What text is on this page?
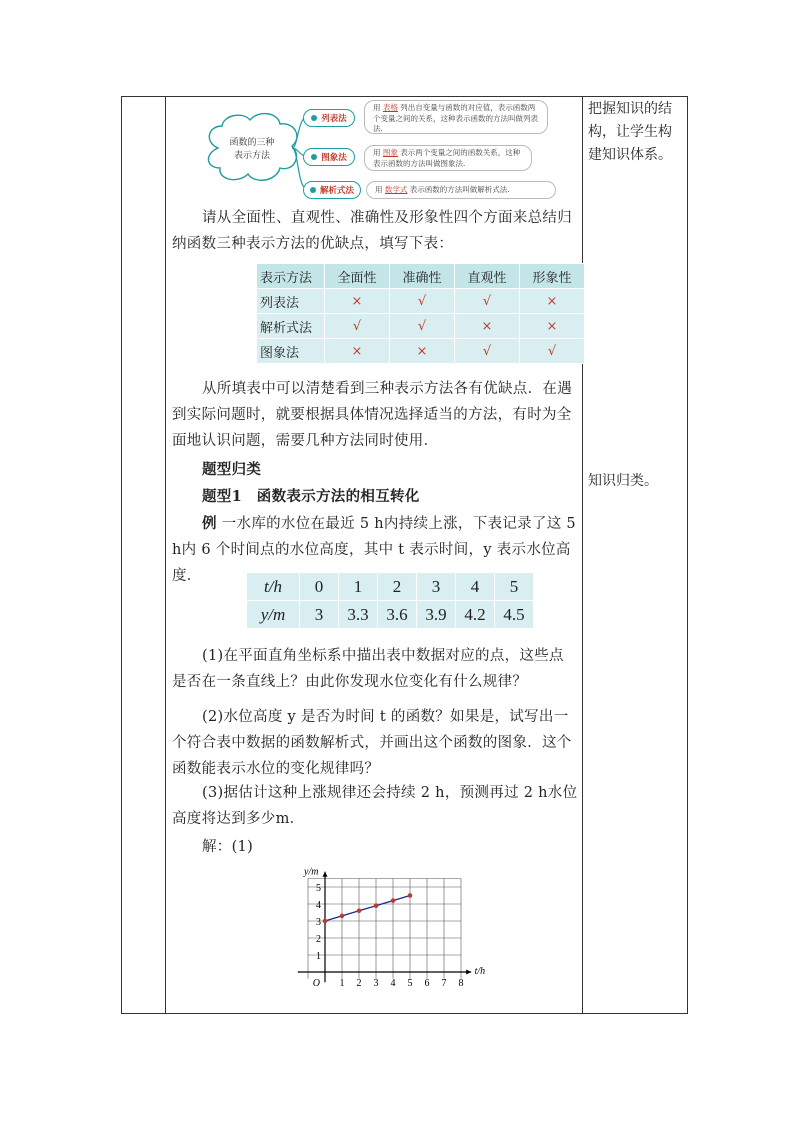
把握知识的结构，让学生构建知识体系。
知识归类。
函数的三种
表示方法
列表法
用 表格 列出自变量与函数的对应值，表示函数两个变量之间的关系，这种表示函数的方法叫做列表法.
图象法
用 图象 表示两个变量之间的函数关系，这种表示函数的方法叫做图象法.
解析式法	用 数学式 表示函数的方法叫做解析式法.
请从全面性、直观性、准确性及形象性四个方面来总结归纳函数三种表示方法的优缺点，填写下表：
表示方法	全面性	准确性	直观性	形象性
列表法	×	√	√	×
解析式法	√	√	×	×
图象法	×	×	√	√
从所填表中可以清楚看到三种表示方法各有优缺点．在遇到实际问题时，就要根据具体情况选择适当的方法，有时为全面地认识问题，需要几种方法同时使用．
题型归类
题型1　函数表示方法的相互转化
例 一水库的水位在最近 5 h内持续上涨，下表记录了这 5 h内 6 个时间点的水位高度，其中 t 表示时间，y 表示水位高度．
t/h	0	1	2	3	4	5
y/m	3	3.3	3.6	3.9	4.2	4.5
(1)在平面直角坐标系中描出表中数据对应的点，这些点是否在一条直线上？由此你发现水位变化有什么规律？
(2)水位高度 y 是否为时间 t 的函数？如果是，试写出一个符合表中数据的函数解析式，并画出这个函数的图象．这个函数能表示水位的变化规律吗？
(3)据估计这种上涨规律还会持续 2 h，预测再过 2 h水位高度将达到多少m．
解：(1)
1 2 3 4 5 6 7 8
1
2
3
4
5
O
t/h
y/m
